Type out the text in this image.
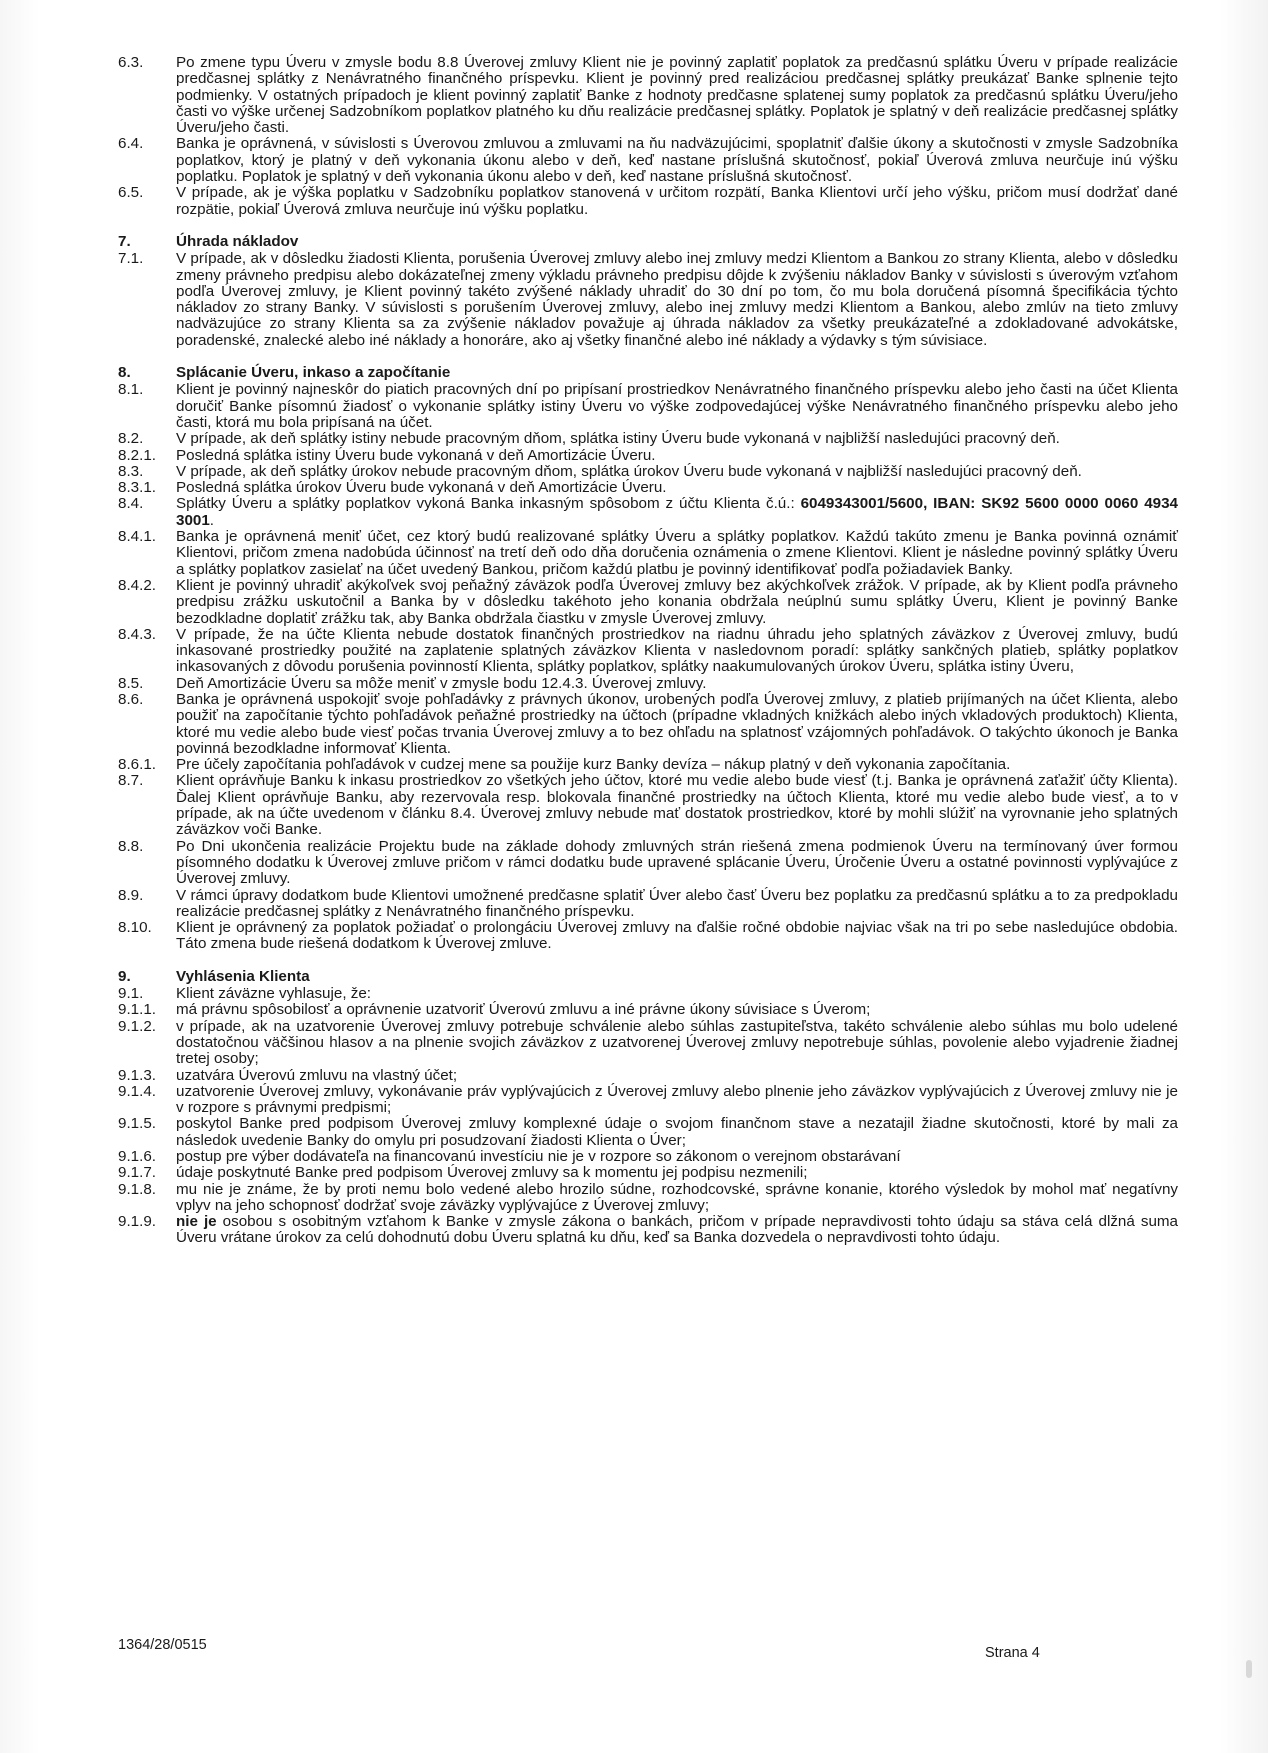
6.3.	Po zmene typu Úveru v zmysle bodu 8.8 Úverovej zmluvy Klient nie je povinný zaplatiť poplatok za predčasnú splátku Úveru v prípade realizácie predčasnej splátky z Nenávratného finančného príspevku. Klient je povinný pred realizáciou predčasnej splátky preukázať Banke splnenie tejto podmienky. V ostatných prípadoch je klient povinný zaplatiť Banke z hodnoty predčasne splatenej sumy poplatok za predčasnú splátku Úveru/jeho časti vo výške určenej Sadzobníkom poplatkov platného ku dňu realizácie predčasnej splátky. Poplatok je splatný v deň realizácie predčasnej splátky Úveru/jeho časti.
6.4.	Banka je oprávnená, v súvislosti s Úverovou zmluvou a zmluvami na ňu nadväzujúcimi, spoplatniť ďalšie úkony a skutočnosti v zmysle Sadzobníka poplatkov, ktorý je platný v deň vykonania úkonu alebo v deň, keď nastane príslušná skutočnosť, pokiaľ Úverová zmluva neurčuje inú výšku poplatku. Poplatok je splatný v deň vykonania úkonu alebo v deň, keď nastane príslušná skutočnosť.
6.5.	V prípade, ak je výška poplatku v Sadzobníku poplatkov stanovená v určitom rozpätí, Banka Klientovi určí jeho výšku, pričom musí dodržať dané rozpätie, pokiaľ Úverová zmluva neurčuje inú výšku poplatku.
7.	Úhrada nákladov
7.1.	V prípade, ak v dôsledku žiadosti Klienta, porušenia Úverovej zmluvy alebo inej zmluvy medzi Klientom a Bankou zo strany Klienta, alebo v dôsledku zmeny právneho predpisu alebo dokázateľnej zmeny výkladu právneho predpisu dôjde k zvýšeniu nákladov Banky v súvislosti s úverovým vzťahom podľa Úverovej zmluvy, je Klient povinný takéto zvýšené náklady uhradiť do 30 dní po tom, čo mu bola doručená písomná špecifikácia týchto nákladov zo strany Banky. V súvislosti s porušením Úverovej zmluvy, alebo inej zmluvy medzi Klientom a Bankou, alebo zmlúv na tieto zmluvy nadväzujúce zo strany Klienta sa za zvýšenie nákladov považuje aj úhrada nákladov za všetky preukázateľné a zdokladované advokátske, poradenské, znalecké alebo iné náklady a honoráre, ako aj všetky finančné alebo iné náklady a výdavky s tým súvisiace.
8.	Splácanie Úveru, inkaso a započítanie
8.1.	Klient je povinný najneskôr do piatich pracovných dní po pripísaní prostriedkov Nenávratného finančného príspevku alebo jeho časti na účet Klienta doručiť Banke písomnú žiadosť o vykonanie splátky istiny Úveru vo výške zodpovedajúcej výške Nenávratného finančného príspevku alebo jeho časti, ktorá mu bola pripísaná na účet.
8.2.	V prípade, ak deň splátky istiny nebude pracovným dňom, splátka istiny Úveru bude vykonaná v najbližší nasledujúci pracovný deň.
8.2.1.	Posledná splátka istiny Úveru bude vykonaná v deň Amortizácie Úveru.
8.3.	V prípade, ak deň splátky úrokov nebude pracovným dňom, splátka úrokov Úveru bude vykonaná v najbližší nasledujúci pracovný deň.
8.3.1.	Posledná splátka úrokov Úveru bude vykonaná v deň Amortizácie Úveru.
8.4.	Splátky Úveru a splátky poplatkov vykoná Banka inkasným spôsobom z účtu Klienta č.ú.: 6049343001/5600, IBAN: SK92 5600 0000 0060 4934 3001.
8.4.1.	Banka je oprávnená meniť účet, cez ktorý budú realizované splátky Úveru a splátky poplatkov. Každú takúto zmenu je Banka povinná oznámiť Klientovi, pričom zmena nadobúda účinnosť na tretí deň odo dňa doručenia oznámenia o zmene Klientovi. Klient je následne povinný splátky Úveru a splátky poplatkov zasielať na účet uvedený Bankou, pričom každú platbu je povinný identifikovať podľa požiadaviek Banky.
8.4.2.	Klient je povinný uhradiť akýkoľvek svoj peňažný záväzok podľa Úverovej zmluvy bez akýchkoľvek zrážok. V prípade, ak by Klient podľa právneho predpisu zrážku uskutočnil a Banka by v dôsledku takéhoto jeho konania obdržala neúplnú sumu splátky Úveru, Klient je povinný Banke bezodkladne doplatiť zrážku tak, aby Banka obdržala čiastku v zmysle Úverovej zmluvy.
8.4.3.	V prípade, že na účte Klienta nebude dostatok finančných prostriedkov na riadnu úhradu jeho splatných záväzkov z Úverovej zmluvy, budú inkasované prostriedky použité na zaplatenie splatných záväzkov Klienta v nasledovnom poradí: splátky sankčných platieb, splátky poplatkov inkasovaných z dôvodu porušenia povinností Klienta, splátky poplatkov, splátky naakumulovaných úrokov Úveru, splátka istiny Úveru,
8.5.	Deň Amortizácie Úveru sa môže meniť v zmysle bodu 12.4.3. Úverovej zmluvy.
8.6.	Banka je oprávnená uspokojiť svoje pohľadávky z právnych úkonov, urobených podľa Úverovej zmluvy, z platieb prijímaných na účet Klienta, alebo použiť na započítanie týchto pohľadávok peňažné prostriedky na účtoch (prípadne vkladných knižkách alebo iných vkladových produktoch) Klienta, ktoré mu vedie alebo bude viesť počas trvania Úverovej zmluvy a to bez ohľadu na splatnosť vzájomných pohľadávok. O takýchto úkonoch je Banka povinná bezodkladne informovať Klienta.
8.6.1.	Pre účely započítania pohľadávok v cudzej mene sa použije kurz Banky devíza – nákup platný v deň vykonania započítania.
8.7.	Klient oprávňuje Banku k inkasu prostriedkov zo všetkých jeho účtov, ktoré mu vedie alebo bude viesť (t.j. Banka je oprávnená zaťažiť účty Klienta). Ďalej Klient oprávňuje Banku, aby rezervovala resp. blokovala finančné prostriedky na účtoch Klienta, ktoré mu vedie alebo bude viesť, a to v prípade, ak na účte uvedenom v článku 8.4. Úverovej zmluvy nebude mať dostatok prostriedkov, ktoré by mohli slúžiť na vyrovnanie jeho splatných záväzkov voči Banke.
8.8.	Po Dni ukončenia realizácie Projektu bude na základe dohody zmluvných strán riešená zmena podmienok Úveru na termínovaný úver formou písomného dodatku k Úverovej zmluve pričom v rámci dodatku bude upravené splácanie Úveru, Úročenie Úveru a ostatné povinnosti vyplývajúce z Úverovej zmluvy.
8.9.	V rámci úpravy dodatkom bude Klientovi umožnené predčasne splatiť Úver alebo časť Úveru bez poplatku za predčasnú splátku a to za predpokladu realizácie predčasnej splátky z Nenávratného finančného príspevku.
8.10.	Klient je oprávnený za poplatok požiadať o prolongáciu Úverovej zmluvy na ďalšie ročné obdobie najviac však na tri po sebe nasledujúce obdobia. Táto zmena bude riešená dodatkom k Úverovej zmluve.
9.	Vyhlásenia Klienta
9.1.	Klient záväzne vyhlasuje, že:
9.1.1.	má právnu spôsobilosť a oprávnenie uzatvoriť Úverovú zmluvu a iné právne úkony súvisiace s Úverom;
9.1.2.	v prípade, ak na uzatvorenie Úverovej zmluvy potrebuje schválenie alebo súhlas zastupiteľstva, takéto schválenie alebo súhlas mu bolo udelené dostatočnou väčšinou hlasov a na plnenie svojich záväzkov z uzatvorenej Úverovej zmluvy nepotrebuje súhlas, povolenie alebo vyjadrenie žiadnej tretej osoby;
9.1.3.	uzatvára Úverovú zmluvu na vlastný účet;
9.1.4.	uzatvorenie Úverovej zmluvy, vykonávanie práv vyplývajúcich z Úverovej zmluvy alebo plnenie jeho záväzkov vyplývajúcich z Úverovej zmluvy nie je v rozpore s právnymi predpismi;
9.1.5.	poskytol Banke pred podpisom Úverovej zmluvy komplexné údaje o svojom finančnom stave a nezatajil žiadne skutočnosti, ktoré by mali za následok uvedenie Banky do omylu pri posudzovaní žiadosti Klienta o Úver;
9.1.6.	postup pre výber dodávateľa na financovanú investíciu nie je v rozpore so zákonom o verejnom obstarávaní
9.1.7.	údaje poskytnuté Banke pred podpisom Úverovej zmluvy sa k momentu jej podpisu nezmenili;
9.1.8.	mu nie je známe, že by proti nemu bolo vedené alebo hrozilo súdne, rozhodcovské, správne konanie, ktorého výsledok by mohol mať negatívny vplyv na jeho schopnosť dodržať svoje záväzky vyplývajúce z Úverovej zmluvy;
9.1.9.	nie je osobou s osobitným vzťahom k Banke v zmysle zákona o bankách, pričom v prípade nepravdivosti tohto údaju sa stáva celá dlžná suma Úveru vrátane úrokov za celú dohodnutú dobu Úveru splatná ku dňu, keď sa Banka dozvedela o nepravdivosti tohto údaju.
1364/28/0515	Strana 4
